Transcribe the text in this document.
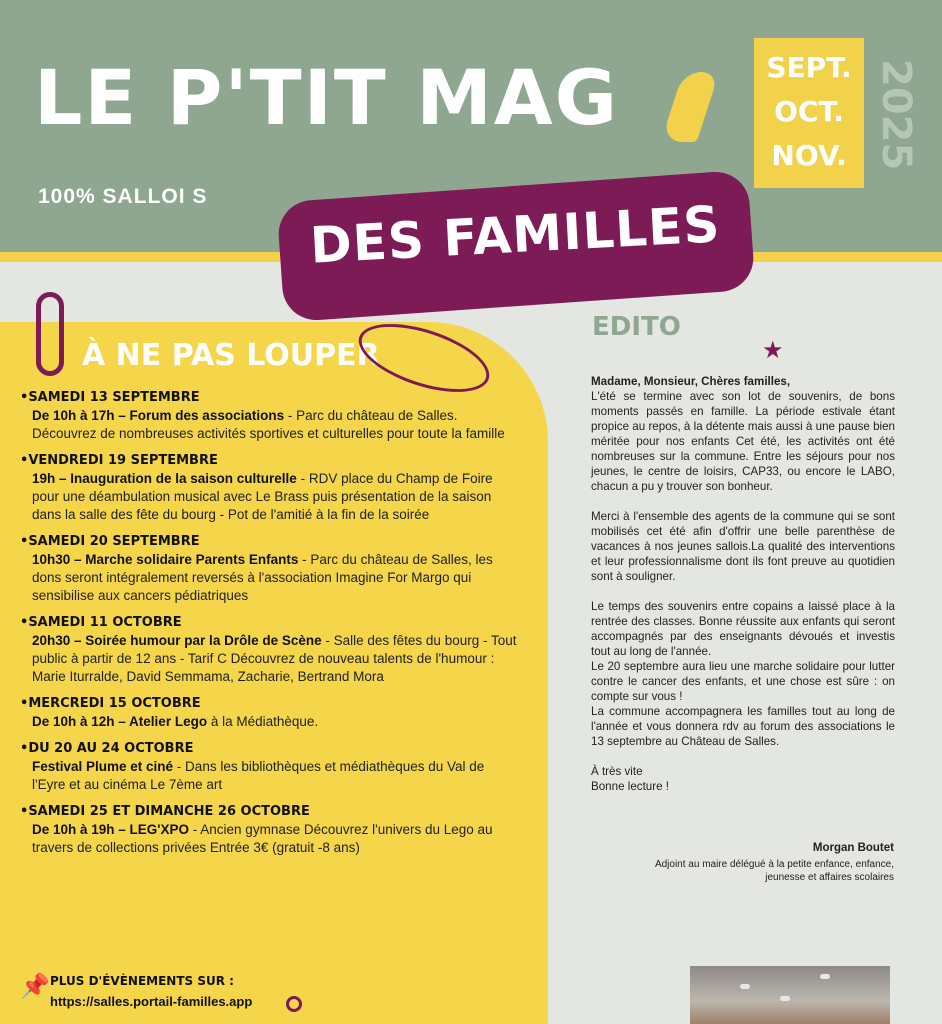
LE P'TIT MAG

100% SALLOI S DES FAMILLES

SEPT.
OCT.
NOV. 2025
À NE PAS LOUPER

• SAMEDI 13 SEPTEMBRE

De 10h à 17h – Forum des associations - Parc du château de Salles. Découvrez de nombreuses activités sportives et culturelles pour toute la famille

• VENDREDI 19 SEPTEMBRE

19h – Inauguration de la saison culturelle - RDV place du Champ de Foire pour une déambulation musical avec Le Brass puis présentation de la saison dans la salle des fête du bourg - Pot de l'amitié à la fin de la soirée

• SAMEDI 20 SEPTEMBRE

10h30 – Marche solidaire Parents Enfants - Parc du château de Salles, les dons seront intégralement reversés à l'association Imagine For Margo qui sensibilise aux cancers pédiatriques

• SAMEDI 11 OCTOBRE

20h30 – Soirée humour par la Drôle de Scène - Salle des fêtes du bourg - Tout public à partir de 12 ans - Tarif C Découvrez de nouveau talents de l'humour : Marie Iturralde, David Semmama, Zacharie, Bertrand Mora

• MERCREDI 15 OCTOBRE

De 10h à 12h – Atelier Lego à la Médiathèque.

• DU 20 AU 24 OCTOBRE

Festival Plume et ciné - Dans les bibliothèques et médiathèques du Val de l'Eyre et au cinéma Le 7ème art

• SAMEDI 25 ET DIMANCHE 26 OCTOBRE

De 10h à 19h – LEG'XPO - Ancien gymnase Découvrez l'univers du Lego au travers de collections privées Entrée 3€ (gratuit -8 ans)

📌 PLUS D'ÉVÈNEMENTS SUR :

https://salles.portail-familles.app

EDITO
★

Madame, Monsieur, Chères familles,
L'été se termine avec son lot de souvenirs, de bons moments passés en famille. La période estivale étant propice au repos, à la détente mais aussi à une pause bien méritée pour nos enfants Cet été, les activités ont été nombreuses sur la commune. Entre les séjours pour nos jeunes, le centre de loisirs, CAP33, ou encore le LABO, chacun a pu y trouver son bonheur.

Merci à l'ensemble des agents de la commune qui se sont mobilisés cet été afin d'offrir une belle parenthèse de vacances à nos jeunes sallois.La qualité des interventions et leur professionnalisme dont ils font preuve au quotidien sont à souligner.

Le temps des souvenirs entre copains a laissé place à la rentrée des classes. Bonne réussite aux enfants qui seront accompagnés par des enseignants dévoués et investis tout au long de l'année.
Le 20 septembre aura lieu une marche solidaire pour lutter contre le cancer des enfants, et une chose est sûre : on compte sur vous !
La commune accompagnera les familles tout au long de l'année et vous donnera rdv au forum des associations le 13 septembre au Château de Salles.

À très vite
Bonne lecture !

Morgan Boutet

Adjoint au maire délégué à la petite enfance, enfance, jeunesse et affaires scolaires
